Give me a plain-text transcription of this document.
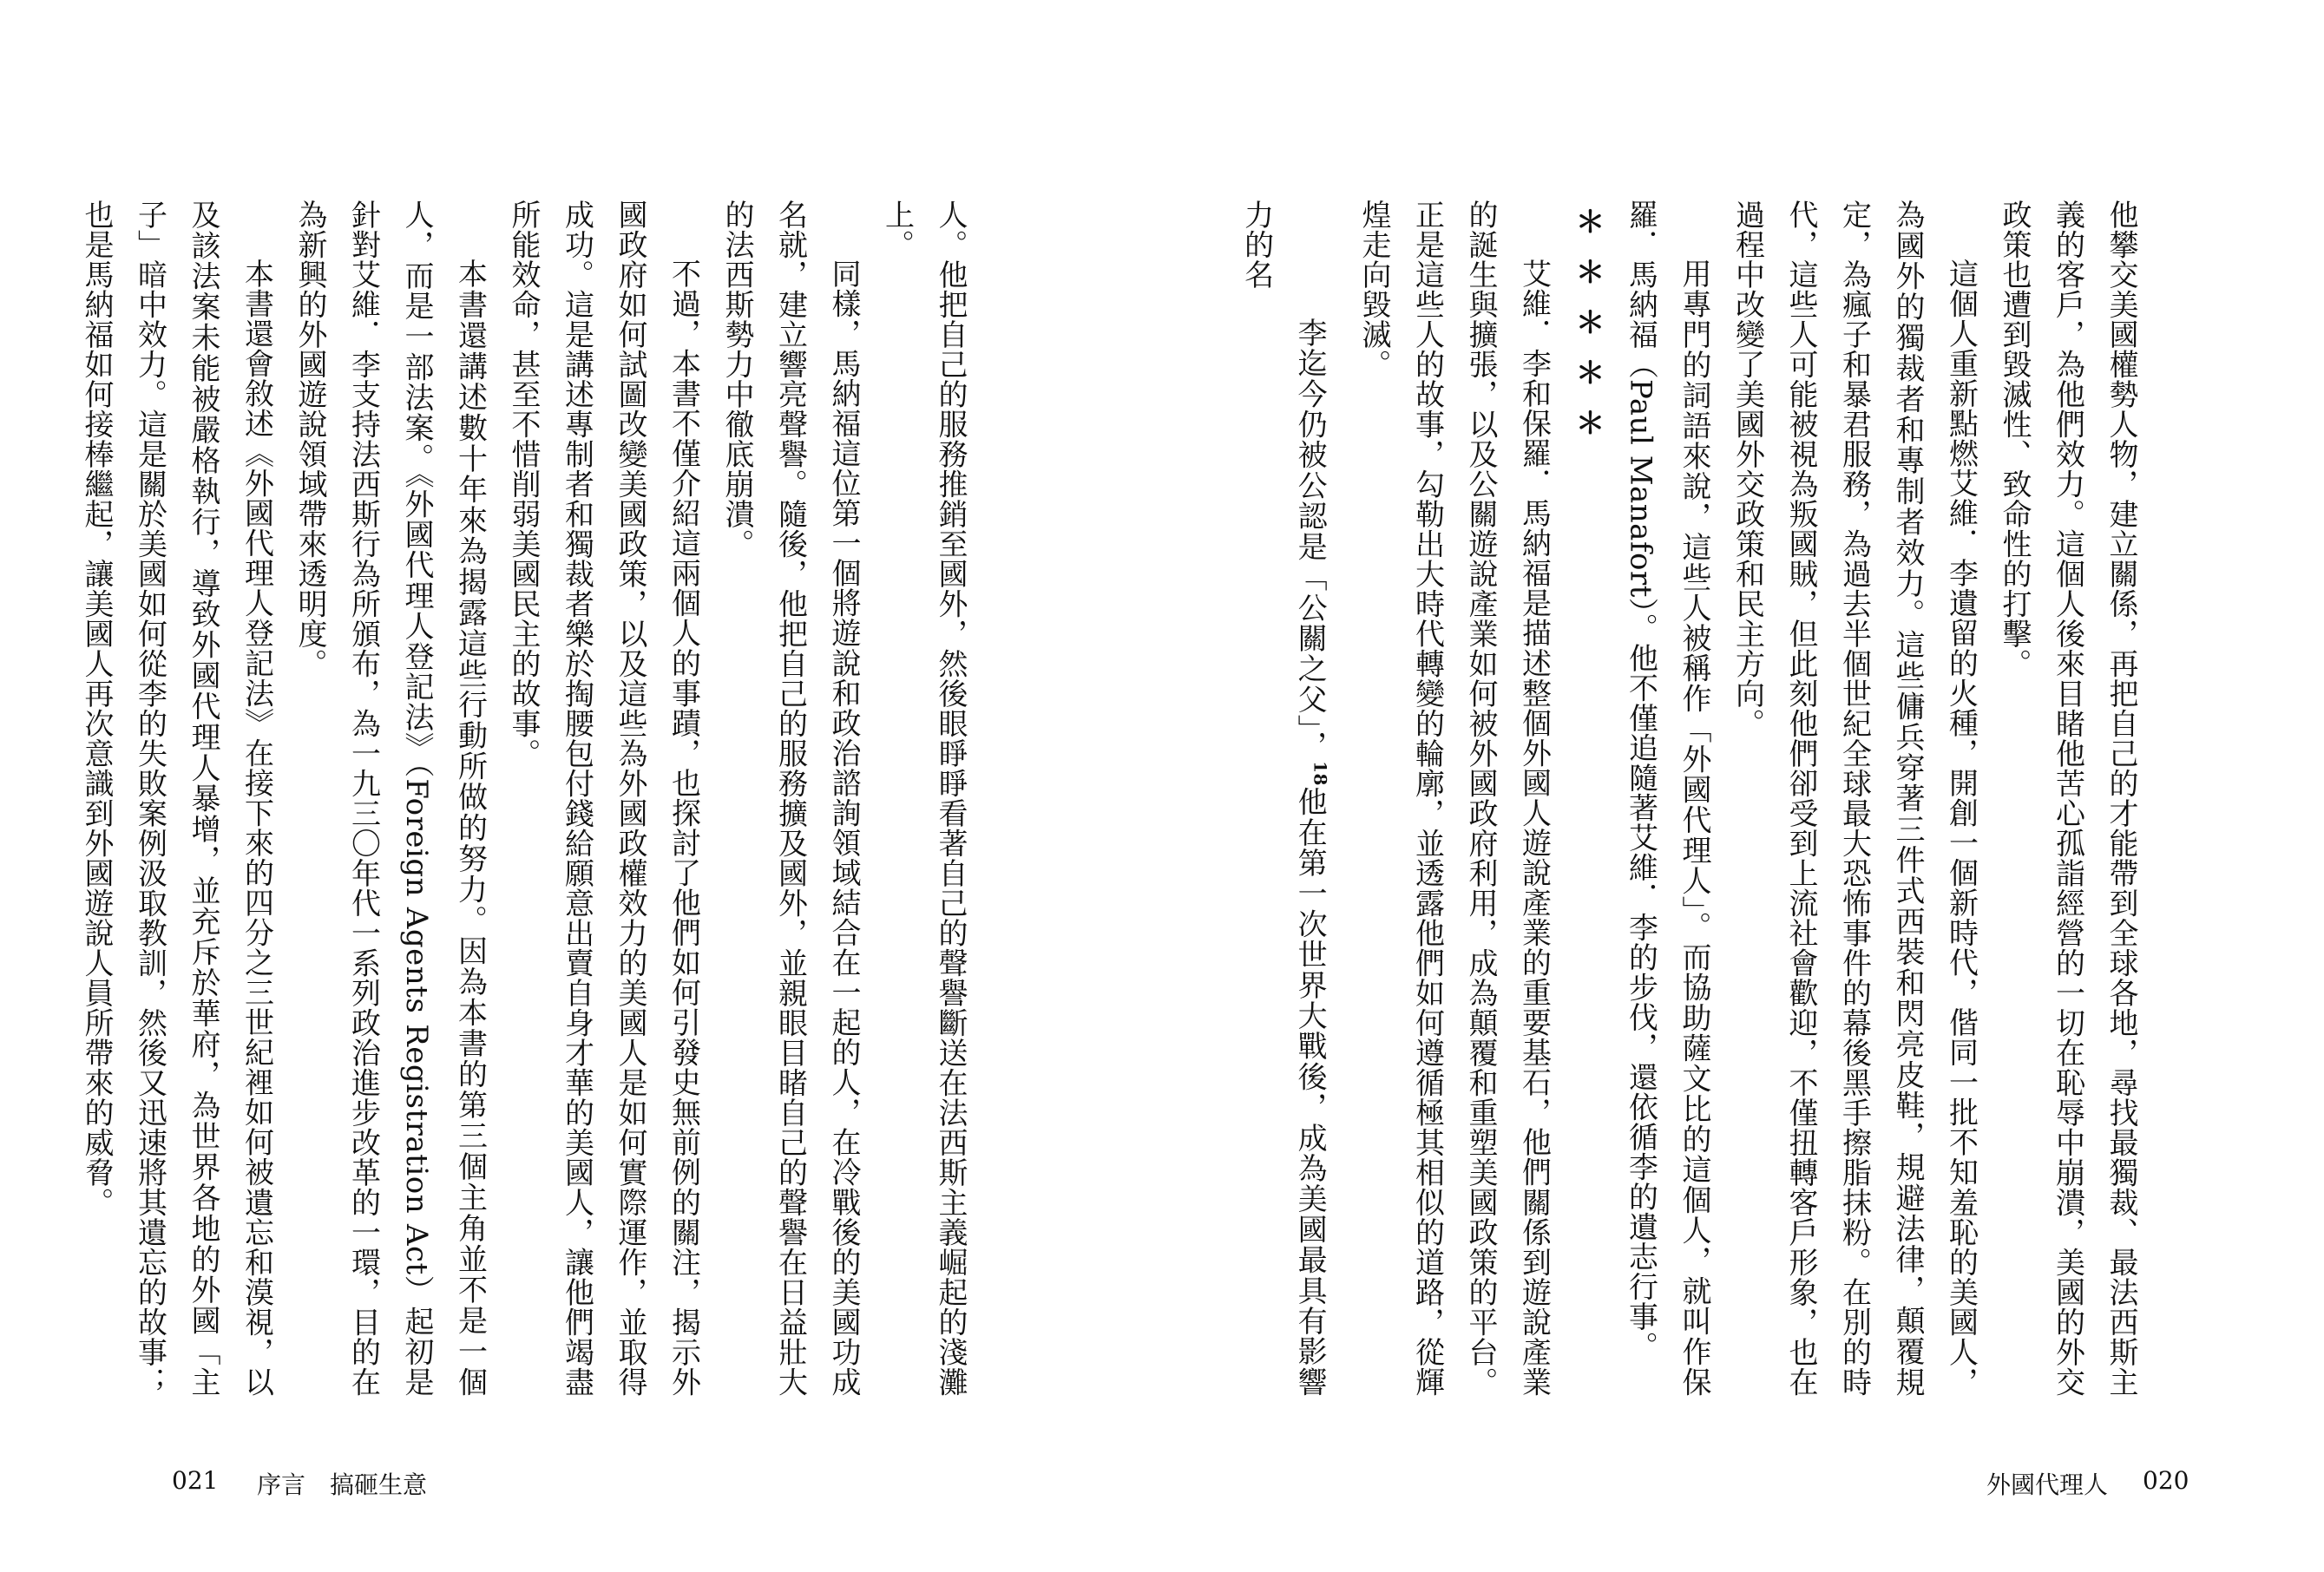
他攀交美國權勢人物，建立關係，再把自己的才能帶到全球各地，尋找最獨裁、最法西斯主義的客戶，為他們效力。這個人後來目睹他苦心孤詣經營的一切在恥辱中崩潰，美國的外交政策也遭到毀滅性、致命性的打擊。

這個人重新點燃艾維．李遺留的火種，開創一個新時代，偕同一批不知羞恥的美國人，為國外的獨裁者和專制者效力。這些傭兵穿著三件式西裝和閃亮皮鞋，規避法律，顛覆規定，為瘋子和暴君服務，為過去半個世紀全球最大恐怖事件的幕後黑手擦脂抹粉。在別的時代，這些人可能被視為叛國賊，但此刻他們卻受到上流社會歡迎，不僅扭轉客戶形象，也在過程中改變了美國外交政策和民主方向。

用專門的詞語來說，這些人被稱作「外國代理人」。而協助薩文比的這個人，就叫作保羅．馬納福（Paul Manafort）。他不僅追隨著艾維．李的步伐，還依循李的遺志行事。

＊＊＊＊＊

艾維．李和保羅．馬納福是描述整個外國人遊說產業的重要基石，他們關係到遊說產業的誕生與擴張，以及公關遊說產業如何被外國政府利用，成為顛覆和重塑美國政策的平台。正是這些人的故事，勾勒出大時代轉變的輪廓，並透露他們如何遵循極其相似的道路，從輝煌走向毀滅。

李迄今仍被公認是「公關之父」，$^{18}$他在第一次世界大戰後，成為美國最具有影響力的名

外國代理人 020

人。他把自己的服務推銷至國外，然後眼睜睜看著自己的聲譽斷送在法西斯主義崛起的淺灘上。

同樣，馬納福這位第一個將遊說和政治諮詢領域結合在一起的人，在冷戰後的美國功成名就，建立響亮聲譽。隨後，他把自己的服務擴及國外，並親眼目睹自己的聲譽在日益壯大的法西斯勢力中徹底崩潰。

不過，本書不僅介紹這兩個人的事蹟，也探討了他們如何引發史無前例的關注，揭示外國政府如何試圖改變美國政策，以及這些為外國政權效力的美國人是如何實際運作，並取得成功。這是講述專制者和獨裁者樂於掏腰包付錢給願意出賣自身才華的美國人，讓他們竭盡所能效命，甚至不惜削弱美國民主的故事。

本書還講述數十年來為揭露這些行動所做的努力。因為本書的第三個主角並不是一個人，而是一部法案。《外國代理人登記法》（Foreign Agents Registration Act）起初是針對艾維．李支持法西斯行為所頒布，為一九三〇年代一系列政治進步改革的一環，目的在為新興的外國遊說領域帶來透明度。

本書還會敘述《外國代理人登記法》在接下來的四分之三世紀裡如何被遺忘和漠視，以及該法案未能被嚴格執行，導致外國代理人暴增，並充斥於華府，為世界各地的外國「主子」暗中效力。這是關於美國如何從李的失敗案例汲取教訓，然後又迅速將其遺忘的故事；也是馬納福如何接棒繼起，讓美國人再次意識到外國遊說人員所帶來的威脅。

021 序言　搞砸生意
